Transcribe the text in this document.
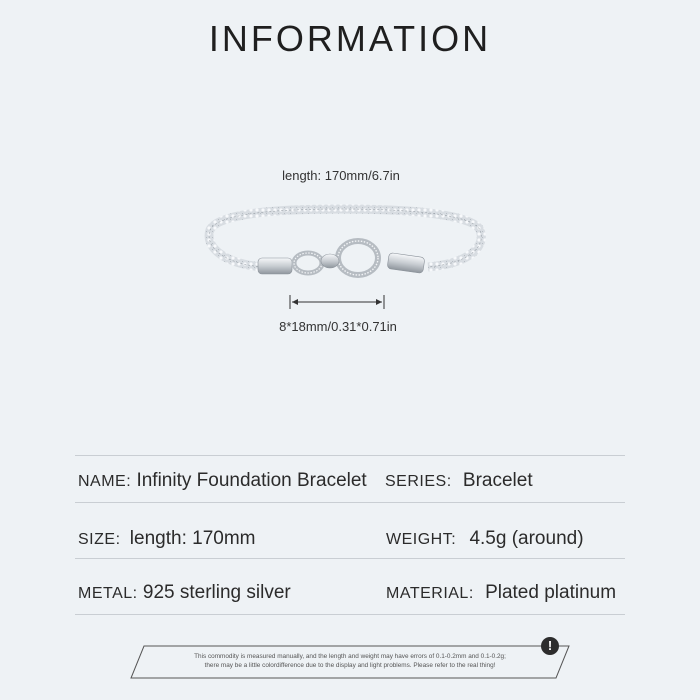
INFORMATION
length: 170mm/6.7in
8*18mm/0.31*0.71in
NAME: Infinity Foundation Bracelet SERIES: Bracelet
SIZE: length: 170mm	WEIGHT: 4.5g (around)
METAL: 925 sterling silver	MATERIAL: Plated platinum
This commodity is measured manually, and the length and weight may have errors of 0.1-0.2mm and 0.1-0.2g;
there may be a little colordifference due to the display and light problems. Please refer to the real thing!
!
